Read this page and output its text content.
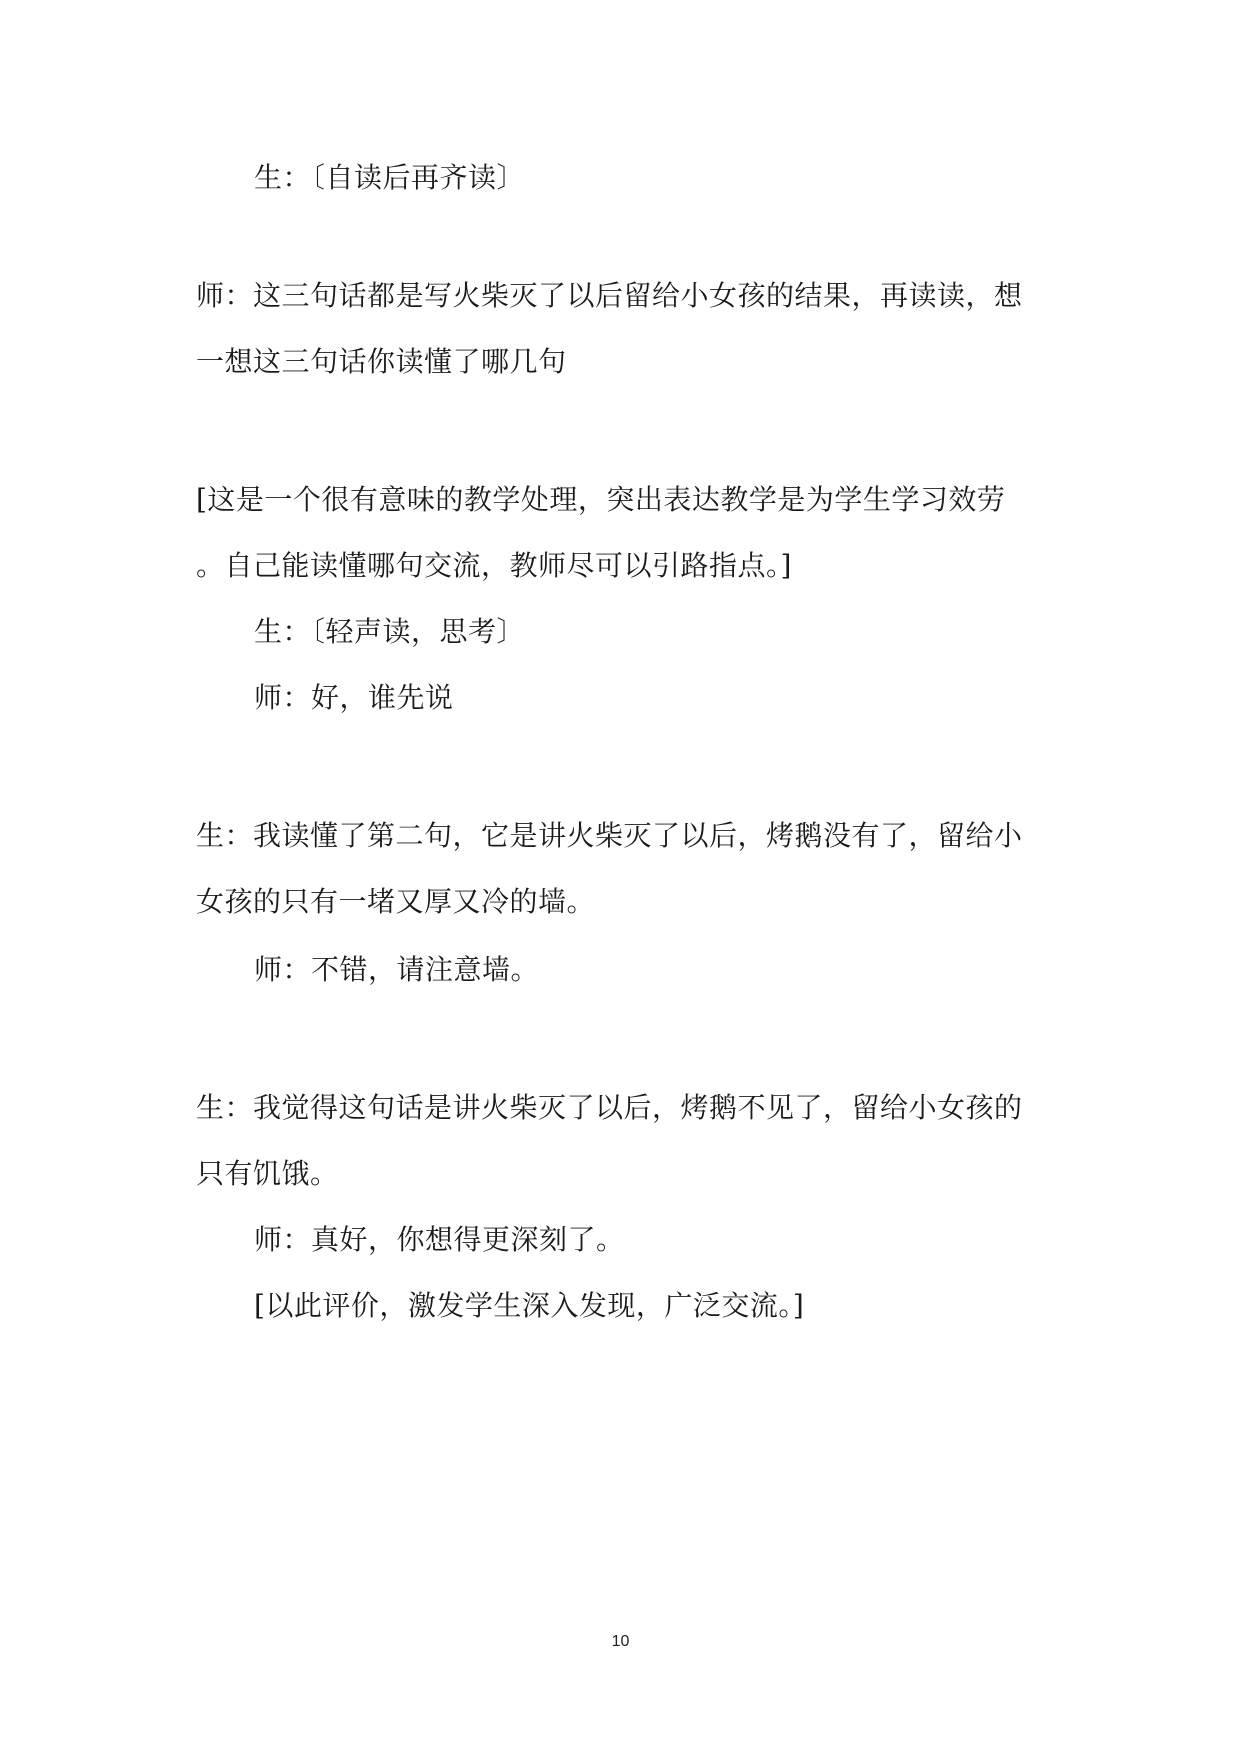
生：〔自读后再齐读〕
师：这三句话都是写火柴灭了以后留给小女孩的结果，再读读，想
一想这三句话你读懂了哪几句
[这是一个很有意味的教学处理，突出表达教学是为学生学习效劳
。自己能读懂哪句交流，教师尽可以引路指点。]
生：〔轻声读，思考〕
师：好，谁先说
生：我读懂了第二句，它是讲火柴灭了以后，烤鹅没有了，留给小
女孩的只有一堵又厚又冷的墙。
师：不错，请注意墙。
生：我觉得这句话是讲火柴灭了以后，烤鹅不见了，留给小女孩的
只有饥饿。
师：真好，你想得更深刻了。
[以此评价，激发学生深入发现，广泛交流。]
10
